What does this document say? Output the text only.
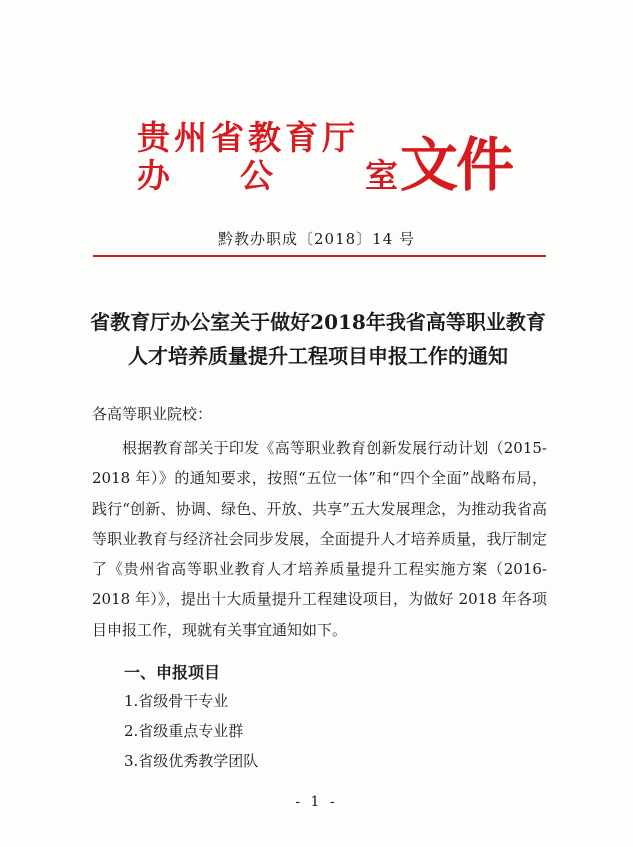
贵州省教育厅
办 公	室 文件
黔教办职成〔2018〕14 号
省教育厅办公室关于做好2018年我省高等职业教育
人才培养质量提升工程项目申报工作的通知
各高等职业院校：

根据教育部关于印发《高等职业教育创新发展行动计划（2015-2018 年）》的通知要求，按照“五位一体”和“四个全面”战略布局，践行“创新、协调、绿色、开放、共享”五大发展理念，为推动我省高等职业教育与经济社会同步发展，全面提升人才培养质量，我厅制定了《贵州省高等职业教育人才培养质量提升工程实施方案（2016-2018 年）》，提出十大质量提升工程建设项目，为做好 2018 年各项目申报工作，现就有关事宜通知如下。

一、申报项目
1.省级骨干专业
2.省级重点专业群
3.省级优秀教学团队
- 1 -
